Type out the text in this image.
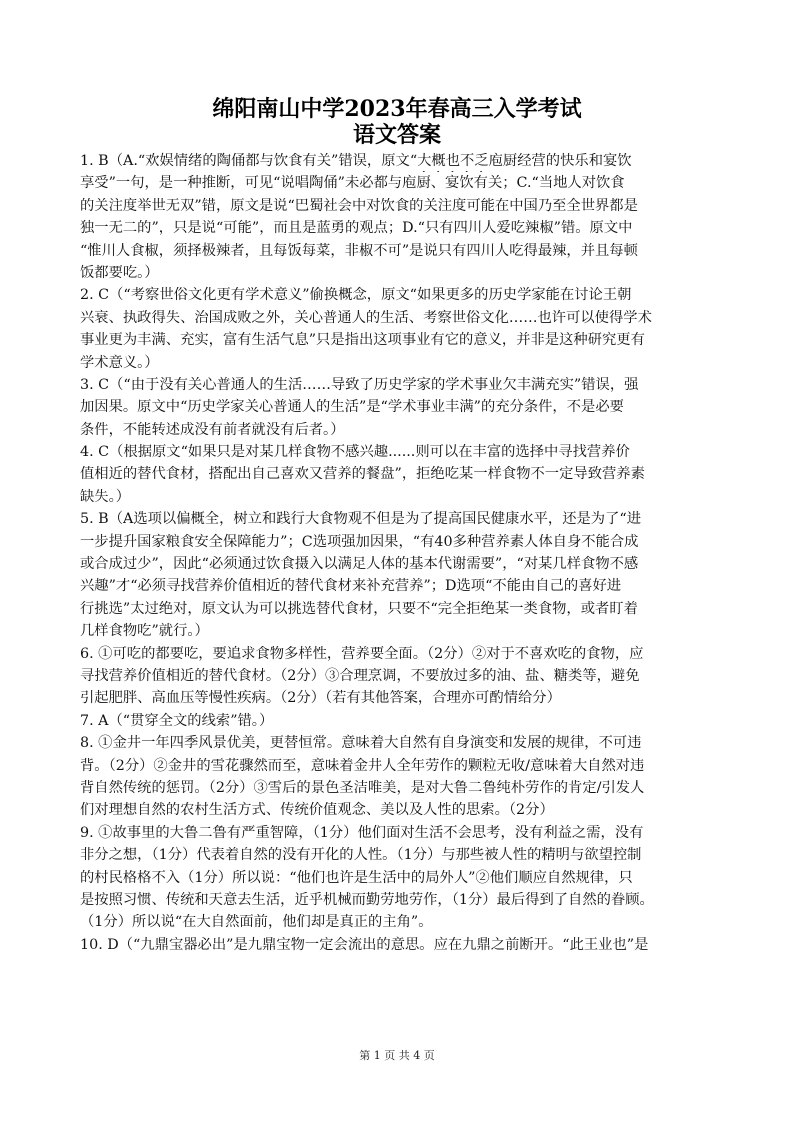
绵阳南山中学2023年春高三入学考试
语文答案
1. B（A.“欢娱情绪的陶俑都与饮食有关”错误，原文“大概也不乏庖厨经营的快乐和宴饮
享受”一句，是一种推断，可见“说唱陶俑”未必都与庖厨、宴饮有关；C.“当地人对饮食
的关注度举世无双”错，原文是说“巴蜀社会中对饮食的关注度可能在中国乃至全世界都是
独一无二的”，只是说“可能”，而且是蓝勇的观点；D.“只有四川人爱吃辣椒”错。原文中
“惟川人食椒，须择极辣者，且每饭每菜，非椒不可”是说只有四川人吃得最辣，并且每顿
饭都要吃。）
2. C（“考察世俗文化更有学术意义”偷换概念，原文“如果更多的历史学家能在讨论王朝
兴衰、执政得失、治国成败之外，关心普通人的生活、考察世俗文化……也许可以使得学术
事业更为丰满、充实，富有生活气息”只是指出这项事业有它的意义，并非是这种研究更有
学术意义。）
3. C（“由于没有关心普通人的生活……导致了历史学家的学术事业欠丰满充实”错误，强
加因果。原文中“历史学家关心普通人的生活”是“学术事业丰满”的充分条件，不是必要
条件，不能转述成没有前者就没有后者。）
4. C（根据原文“如果只是对某几样食物不感兴趣......则可以在丰富的选择中寻找营养价
值相近的替代食材，搭配出自己喜欢又营养的餐盘”，拒绝吃某一样食物不一定导致营养素
缺失。）
5. B（A选项以偏概全，树立和践行大食物观不但是为了提高国民健康水平，还是为了“进
一步提升国家粮食安全保障能力”；C选项强加因果，“有40多种营养素人体自身不能合成
或合成过少”，因此“必须通过饮食摄入以满足人体的基本代谢需要”，“对某几样食物不感
兴趣”才“必须寻找营养价值相近的替代食材来补充营养”；D选项“不能由自己的喜好进
行挑选”太过绝对，原文认为可以挑选替代食材，只要不“完全拒绝某一类食物，或者盯着
几样食物吃”就行。）
6. ①可吃的都要吃，要追求食物多样性，营养要全面。（2分）②对于不喜欢吃的食物，应
寻找营养价值相近的替代食材。（2分）③合理烹调，不要放过多的油、盐、糖类等，避免
引起肥胖、高血压等慢性疾病。（2分）（若有其他答案，合理亦可酌情给分）
7. A（“贯穿全文的线索”错。）
8. ①金井一年四季风景优美，更替恒常。意味着大自然有自身演变和发展的规律，不可违
背。（2分）②金井的雪花骤然而至，意味着金井人全年劳作的颗粒无收/意味着大自然对违
背自然传统的惩罚。（2分）③雪后的景色圣洁唯美，是对大鲁二鲁纯朴劳作的肯定/引发人
们对理想自然的农村生活方式、传统价值观念、美以及人性的思索。（2分）
9. ①故事里的大鲁二鲁有严重智障，（1分）他们面对生活不会思考，没有利益之需，没有
非分之想，（1分）代表着自然的没有开化的人性。（1分）与那些被人性的精明与欲望控制
的村民格格不入（1分）所以说：“他们也许是生活中的局外人”②他们顺应自然规律，只
是按照习惯、传统和天意去生活，近乎机械而勤劳地劳作，（1分）最后得到了自然的眷顾。
（1分）所以说“在大自然面前，他们却是真正的主角”。
10. D（“九鼎宝器必出”是九鼎宝物一定会流出的意思。应在九鼎之前断开。“此王业也”是
第 1 页 共 4 页
